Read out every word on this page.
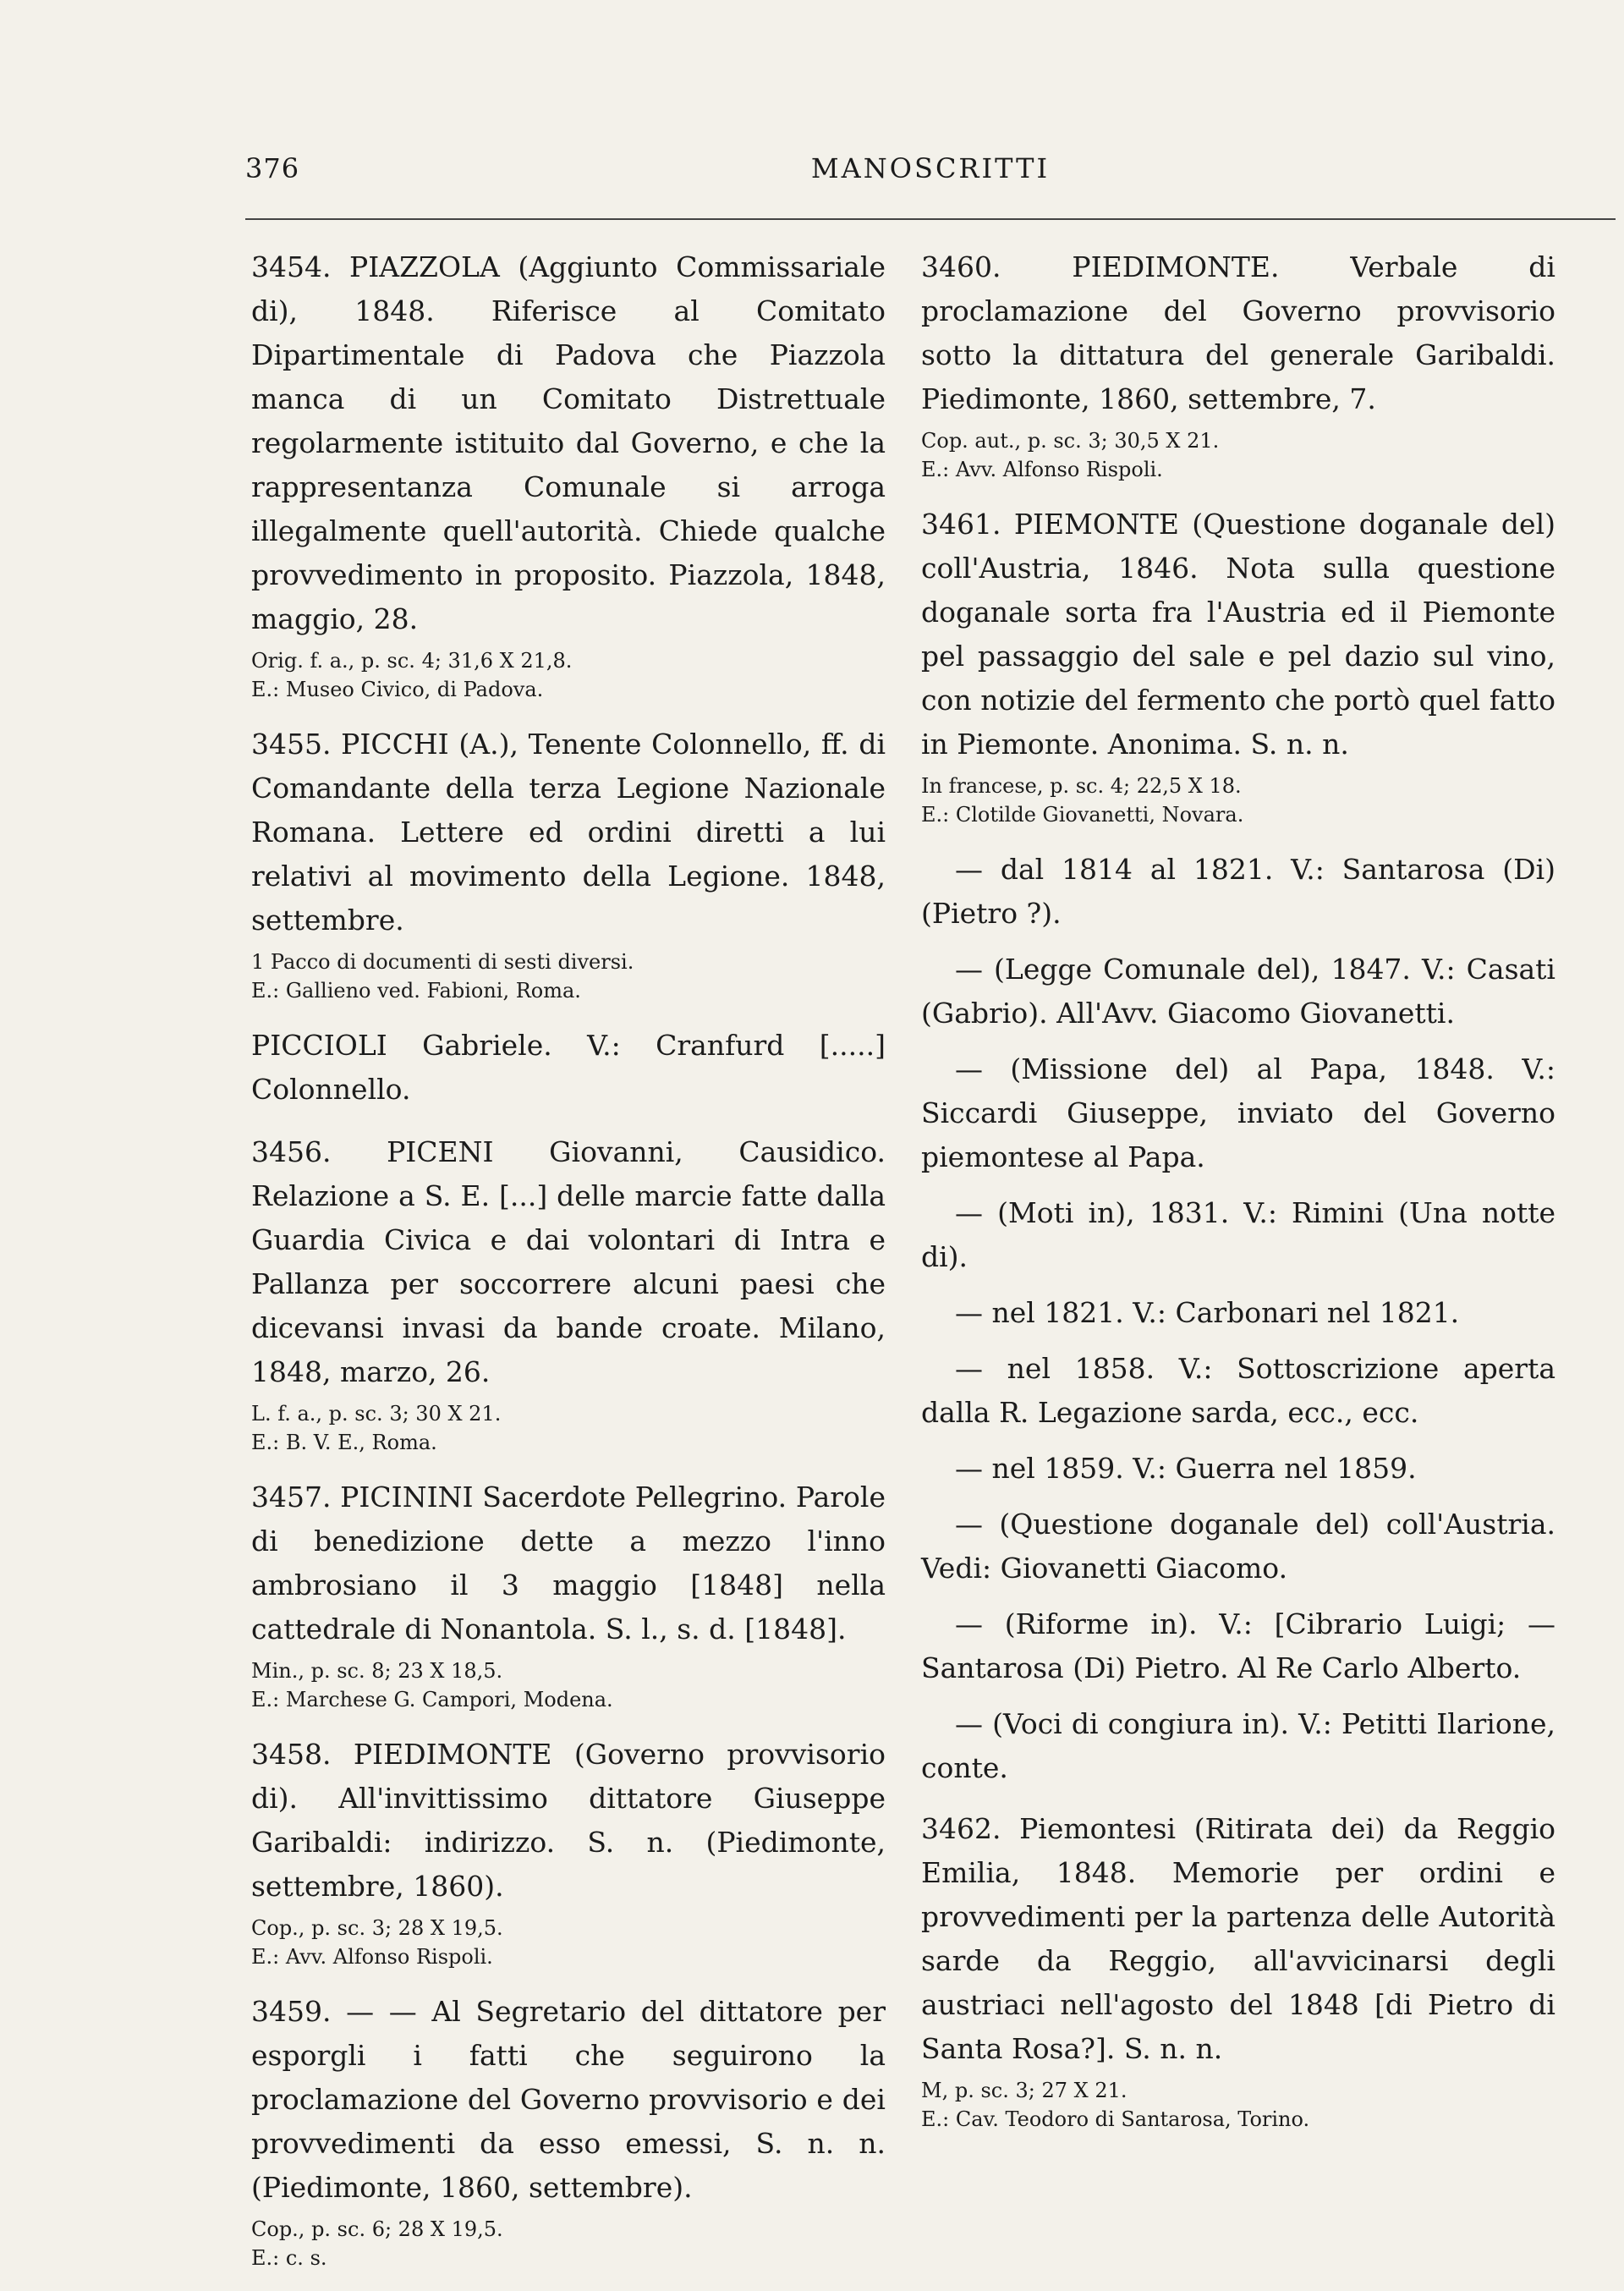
376	MANOSCRITTI
3454. PIAZZOLA (Aggiunto Commissariale di), 1848. Riferisce al Comitato Dipartimentale di Padova che Piazzola manca di un Comitato Distrettuale regolarmente istituito dal Governo, e che la rappresentanza Comunale si arroga illegalmente quell'autorità. Chiede qualche provvedimento in proposito. Piazzola, 1848, maggio, 28.
Orig. f. a., p. sc. 4; 31,6 X 21,8.
E.: Museo Civico, di Padova.
3455. PICCHI (A.), Tenente Colonnello, ff. di Comandante della terza Legione Nazionale Romana. Lettere ed ordini diretti a lui relativi al movimento della Legione. 1848, settembre.
1 Pacco di documenti di sesti diversi.
E.: Gallieno ved. Fabioni, Roma.
PICCIOLI Gabriele. V.: Cranfurd [.....] Colonnello.
3456. PICENI Giovanni, Causidico. Relazione a S. E. [...] delle marcie fatte dalla Guardia Civica e dai volontari di Intra e Pallanza per soccorrere alcuni paesi che dicevansi invasi da bande croate. Milano, 1848, marzo, 26.
L. f. a., p. sc. 3; 30 X 21.
E.: B. V. E., Roma.
3457. PICININI Sacerdote Pellegrino. Parole di benedizione dette a mezzo l'inno ambrosiano il 3 maggio [1848] nella cattedrale di Nonantola. S. l., s. d. [1848].
Min., p. sc. 8; 23 X 18,5.
E.: Marchese G. Campori, Modena.
3458. PIEDIMONTE (Governo provvisorio di). All'invittissimo dittatore Giuseppe Garibaldi: indirizzo. S. n. (Piedimonte, settembre, 1860).
Cop., p. sc. 3; 28 X 19,5.
E.: Avv. Alfonso Rispoli.
3459. — — Al Segretario del dittatore per esporgli i fatti che seguirono la proclamazione del Governo provvisorio e dei provvedimenti da esso emessi, S. n. n. (Piedimonte, 1860, settembre).
Cop., p. sc. 6; 28 X 19,5.
E.: c. s.
3460. PIEDIMONTE. Verbale di proclamazione del Governo provvisorio sotto la dittatura del generale Garibaldi. Piedimonte, 1860, settembre, 7.
Cop. aut., p. sc. 3; 30,5 X 21.
E.: Avv. Alfonso Rispoli.
3461. PIEMONTE (Questione doganale del) coll'Austria, 1846. Nota sulla questione doganale sorta fra l'Austria ed il Piemonte pel passaggio del sale e pel dazio sul vino, con notizie del fermento che portò quel fatto in Piemonte. Anonima. S. n. n.
In francese, p. sc. 4; 22,5 X 18.
E.: Clotilde Giovanetti, Novara.
— dal 1814 al 1821. V.: Santarosa (Di) (Pietro ?).
— (Legge Comunale del), 1847. V.: Casati (Gabrio). All'Avv. Giacomo Giovanetti.
— (Missione del) al Papa, 1848. V.: Siccardi Giuseppe, inviato del Governo piemontese al Papa.
— (Moti in), 1831. V.: Rimini (Una notte di).
— nel 1821. V.: Carbonari nel 1821.
— nel 1858. V.: Sottoscrizione aperta dalla R. Legazione sarda, ecc., ecc.
— nel 1859. V.: Guerra nel 1859.
— (Questione doganale del) coll'Austria. Vedi: Giovanetti Giacomo.
— (Riforme in). V.: [Cibrario Luigi; — Santarosa (Di) Pietro. Al Re Carlo Alberto.
— (Voci di congiura in). V.: Petitti Ilarione, conte.
3462. Piemontesi (Ritirata dei) da Reggio Emilia, 1848. Memorie per ordini e provvedimenti per la partenza delle Autorità sarde da Reggio, all'avvicinarsi degli austriaci nell'agosto del 1848 [di Pietro di Santa Rosa?]. S. n. n.
M, p. sc. 3; 27 X 21.
E.: Cav. Teodoro di Santarosa, Torino.
